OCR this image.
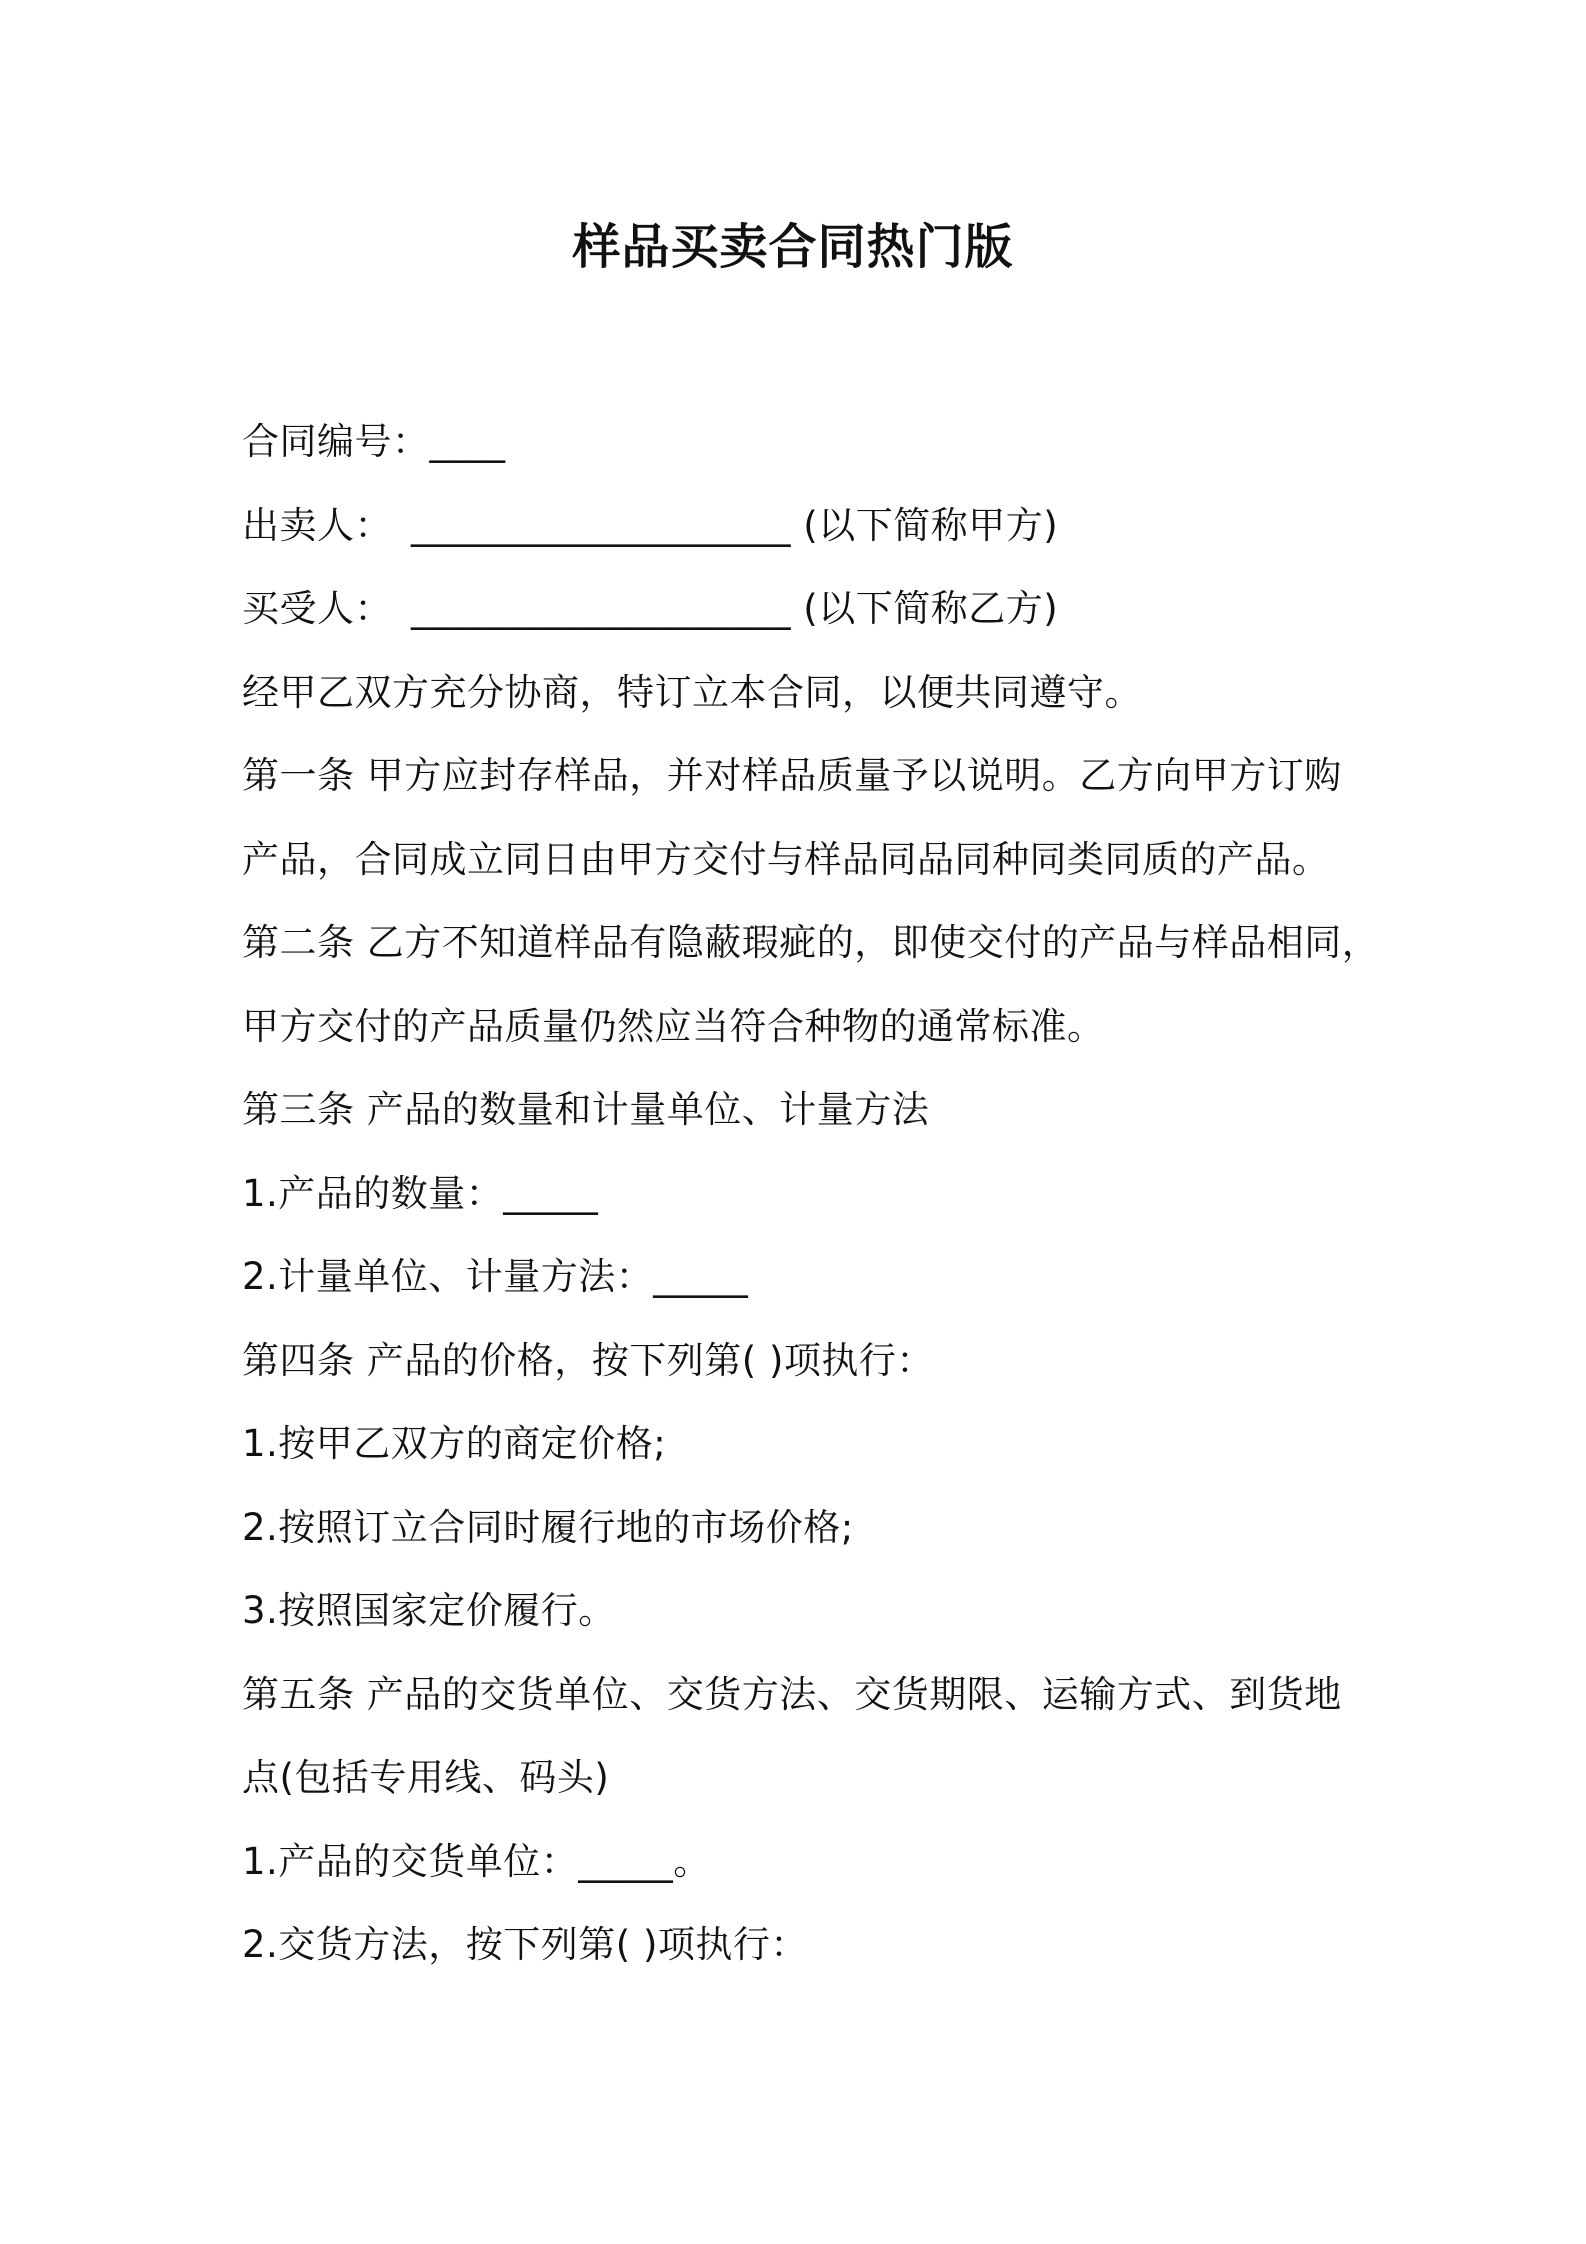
样品买卖合同热门版
合同编号：____
出卖人：　____________________ (以下简称甲方)
买受人：　____________________ (以下简称乙方)
经甲乙双方充分协商，特订立本合同，以便共同遵守。
第一条 甲方应封存样品，并对样品质量予以说明。乙方向甲方订购
产品，合同成立同日由甲方交付与样品同品同种同类同质的产品。
第二条 乙方不知道样品有隐蔽瑕疵的，即使交付的产品与样品相同，
甲方交付的产品质量仍然应当符合种物的通常标准。
第三条 产品的数量和计量单位、计量方法
1.产品的数量：_____
2.计量单位、计量方法：_____
第四条 产品的价格，按下列第( )项执行：
1.按甲乙双方的商定价格;
2.按照订立合同时履行地的市场价格;
3.按照国家定价履行。
第五条 产品的交货单位、交货方法、交货期限、运输方式、到货地
点(包括专用线、码头)
1.产品的交货单位：_____。
2.交货方法，按下列第( )项执行：
